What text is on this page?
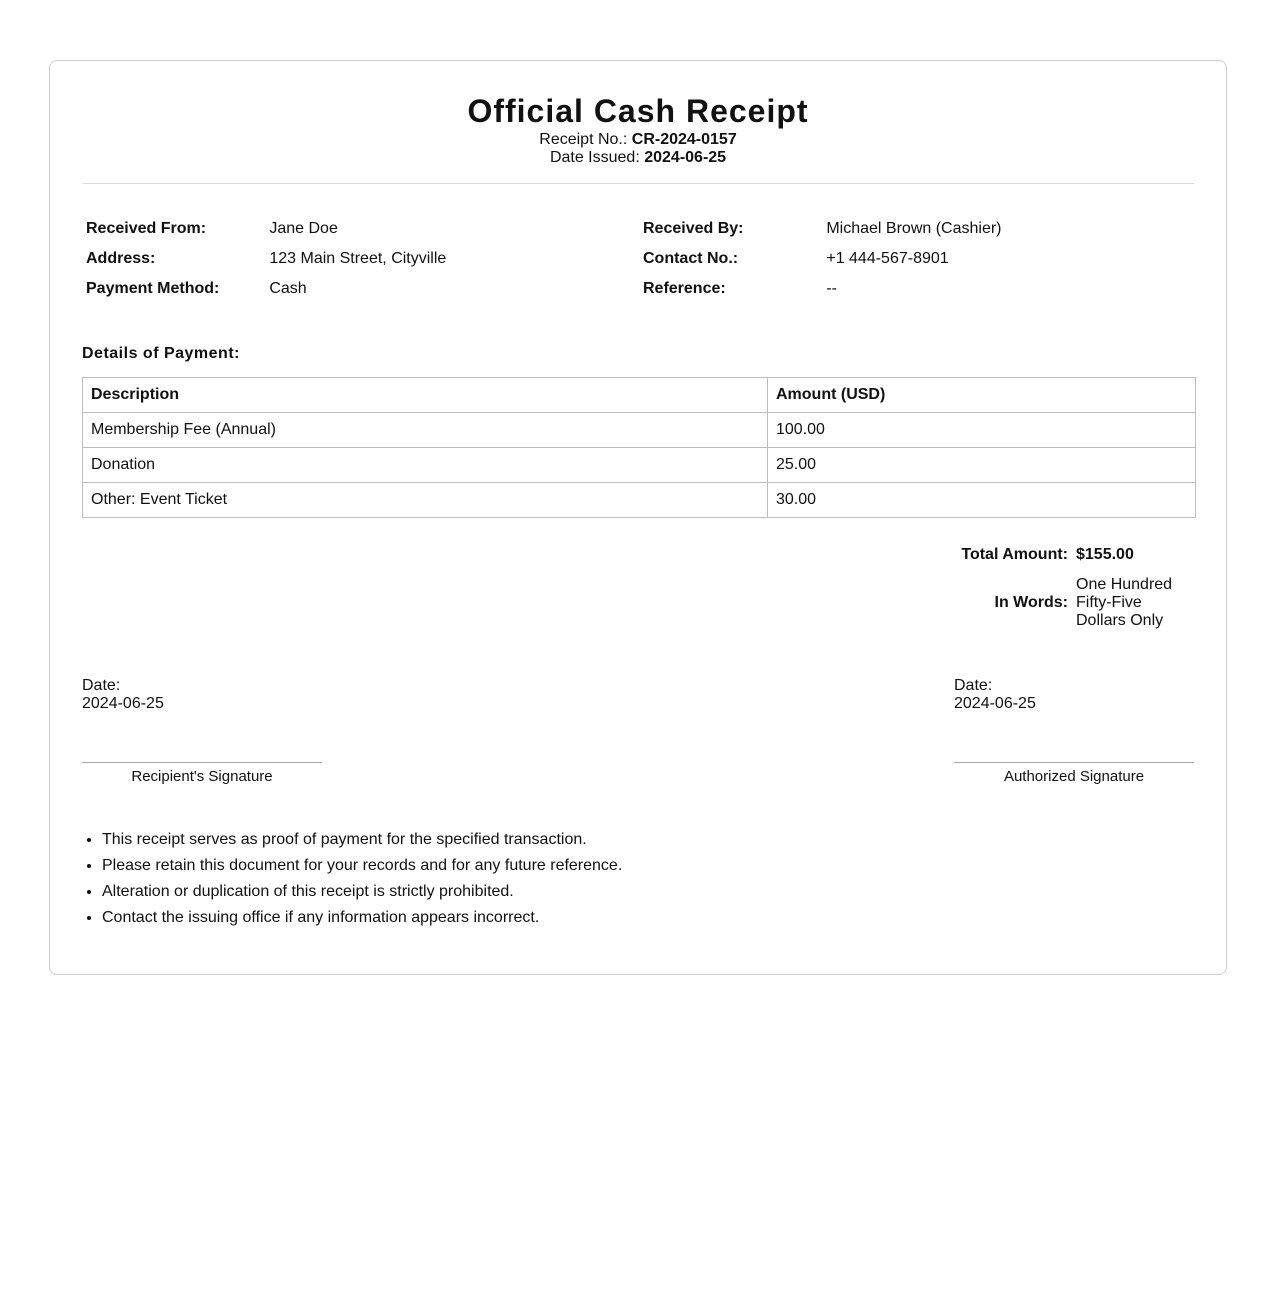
Official Cash Receipt
Receipt No.: CR-2024-0157
Date Issued: 2024-06-25
Received From:	Jane Doe	Received By:	Michael Brown (Cashier)
Address:	123 Main Street, Cityville	Contact No.:	+1 444-567-8901
Payment Method:	Cash	Reference:	--
Details of Payment:
Description	Amount (USD)
Membership Fee (Annual)	100.00
Donation	25.00
Other: Event Ticket	30.00
Total Amount: $155.00
In Words:
One Hundred Fifty-Five Dollars Only
Date:
2024-06-25
Date:
2024-06-25
Recipient's Signature	Authorized Signature
• This receipt serves as proof of payment for the specified transaction.
• Please retain this document for your records and for any future reference.
• Alteration or duplication of this receipt is strictly prohibited.
• Contact the issuing office if any information appears incorrect.
